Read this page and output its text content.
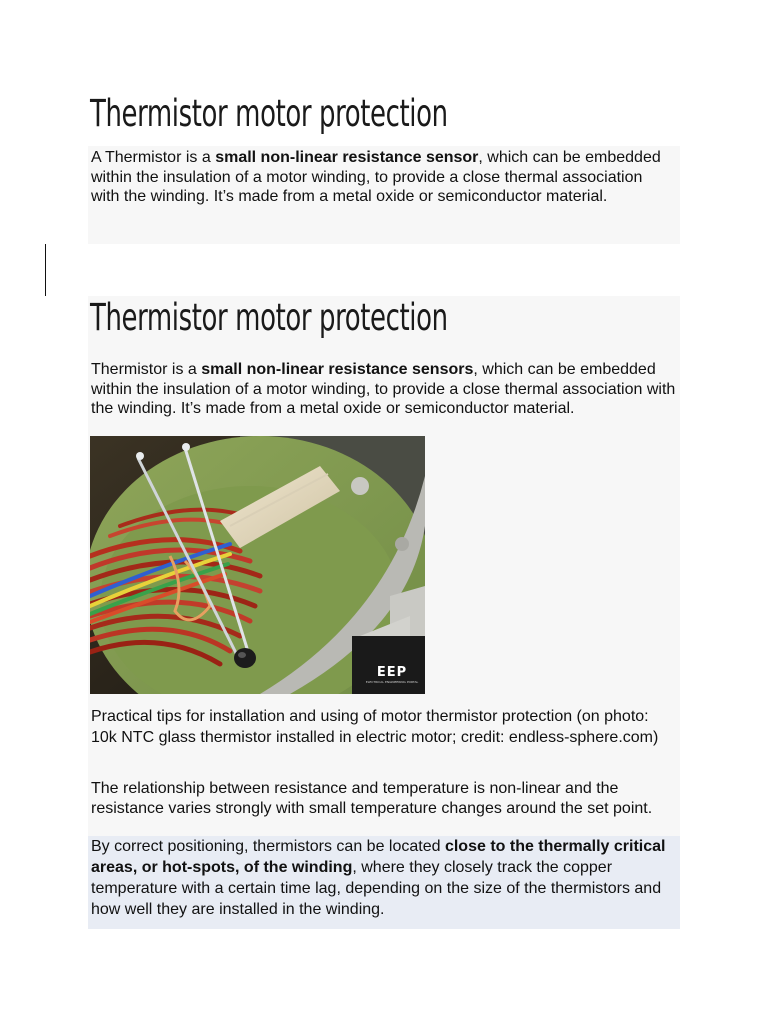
Thermistor motor protection

A Thermistor is a small non-linear resistance sensor, which can be embedded within the insulation of a motor winding, to provide a close thermal association with the winding. It’s made from a metal oxide or semiconductor material.

Thermistor motor protection

Thermistor is a small non-linear resistance sensors, which can be embedded within the insulation of a motor winding, to provide a close thermal association with the winding. It’s made from a metal oxide or semiconductor material.

EEP
ELECTRICAL ENGINEERING PORTAL

Practical tips for installation and using of motor thermistor protection (on photo: 10k NTC glass thermistor installed in electric motor; credit: endless-sphere.com)

The relationship between resistance and temperature is non-linear and the resistance varies strongly with small temperature changes around the set point.

By correct positioning, thermistors can be located close to the thermally critical areas, or hot-spots, of the winding, where they closely track the copper temperature with a certain time lag, depending on the size of the thermistors and how well they are installed in the winding.
